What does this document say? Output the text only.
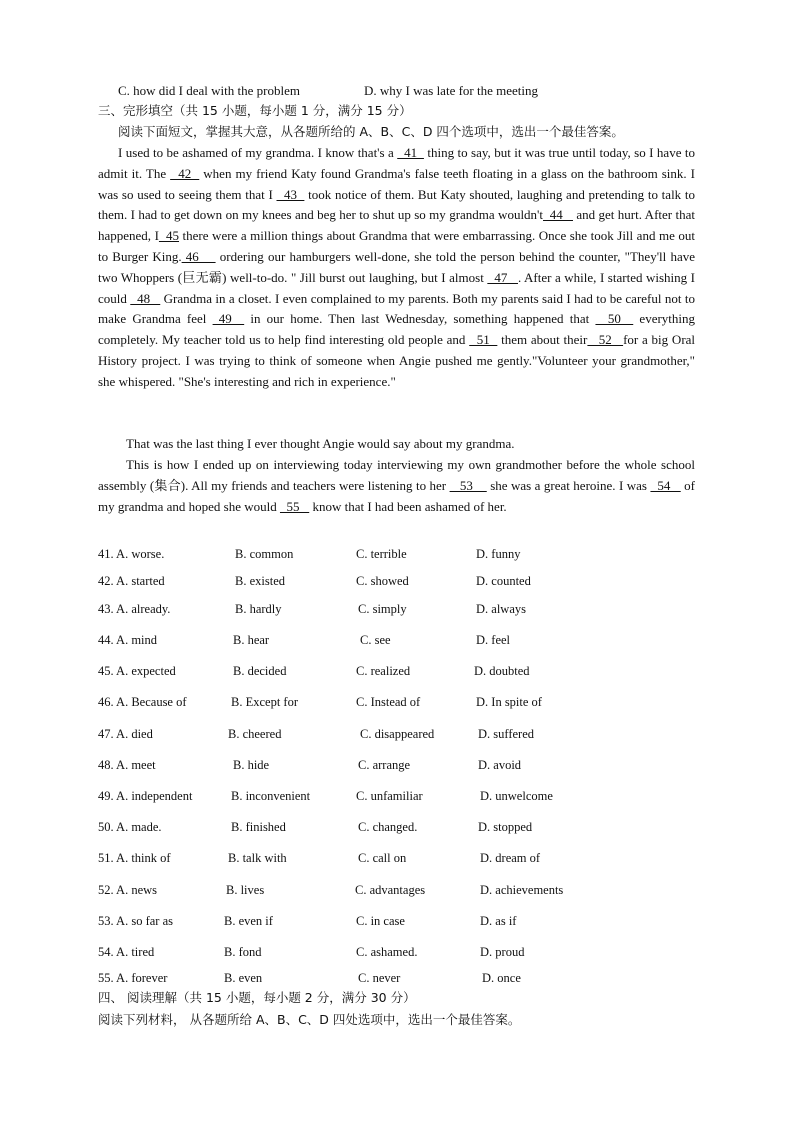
C. how did I deal with the problem	D. why I was late for the meeting
三、完形填空（共 15 小题，每小题 1 分，满分 15 分）
阅读下面短文，掌握其大意，从各题所给的 A、B、C、D 四个选项中，选出一个最佳答案。
I used to be ashamed of my grandma. I know that's a   41   thing to say, but it was true until today, so I have to admit it. The   42   when my friend Katy found Grandma's false teeth floating in a glass on the bathroom sink. I was so used to seeing them that I   43   took notice of them. But Katy shouted, laughing and pretending to talk to them. I had to get down on my knees and beg her to shut up so my grandma wouldn't  44    and get hurt. After that happened, I  45 there were a million things about Grandma that were embarrassing. Once she took Jill and me out to Burger King. 46     ordering our hamburgers well-done, she told the person behind the counter, "They'll have two Whoppers (巨无霸) well-to-do. " Jill burst out laughing, but I almost   47   . After a while, I started wishing I could   48    Grandma in a closet. I even complained to my parents. Both my parents said I had to be careful not to make Grandma feel  49   in our home. Then last Wednesday, something happened that   50   everything completely. My teacher told us to help find interesting old people and   51   them about their   52   for a big Oral History project. I was trying to think of someone when Angie pushed me gently."Volunteer your grandmother," she whispered. "She's interesting and rich in experience."
That was the last thing I ever thought Angie would say about my grandma.
This is how I ended up on interviewing today interviewing my own grandmother before the whole school assembly (集合). All my friends and teachers were listening to her    53     she was a great heroine. I was   54    of my grandma and hoped she would   55    know that I had been ashamed of her.
41. A. worse.	B. common	C. terrible	D. funny
42. A. started	B. existed	C. showed	D. counted
43. A. already.	B. hardly	C. simply	D. always
44. A. mind	B. hear	C. see	D. feel
45. A. expected	B. decided	C. realized	D. doubted
46. A. Because of	B. Except for	C. Instead of	D. In spite of
47. A. died	B. cheered	C. disappeared	D. suffered
48. A. meet	B. hide	C. arrange	D. avoid
49. A. independent	B. inconvenient	C. unfamiliar	D. unwelcome
50. A. made.	B. finished	C. changed.	D. stopped
51. A. think of	B. talk with	C. call on	D. dream of
52. A. news	B. lives	C. advantages	D. achievements
53. A. so far as	B. even if	C. in case	D. as if
54. A. tired	B. fond	C. ashamed.	D. proud
55. A. forever	B. even	C. never	D. once
四、 阅读理解（共 15 小题，每小题 2 分，满分 30 分）
阅读下列材料， 从各题所给 A、B、C、D 四处选项中，选出一个最佳答案。
